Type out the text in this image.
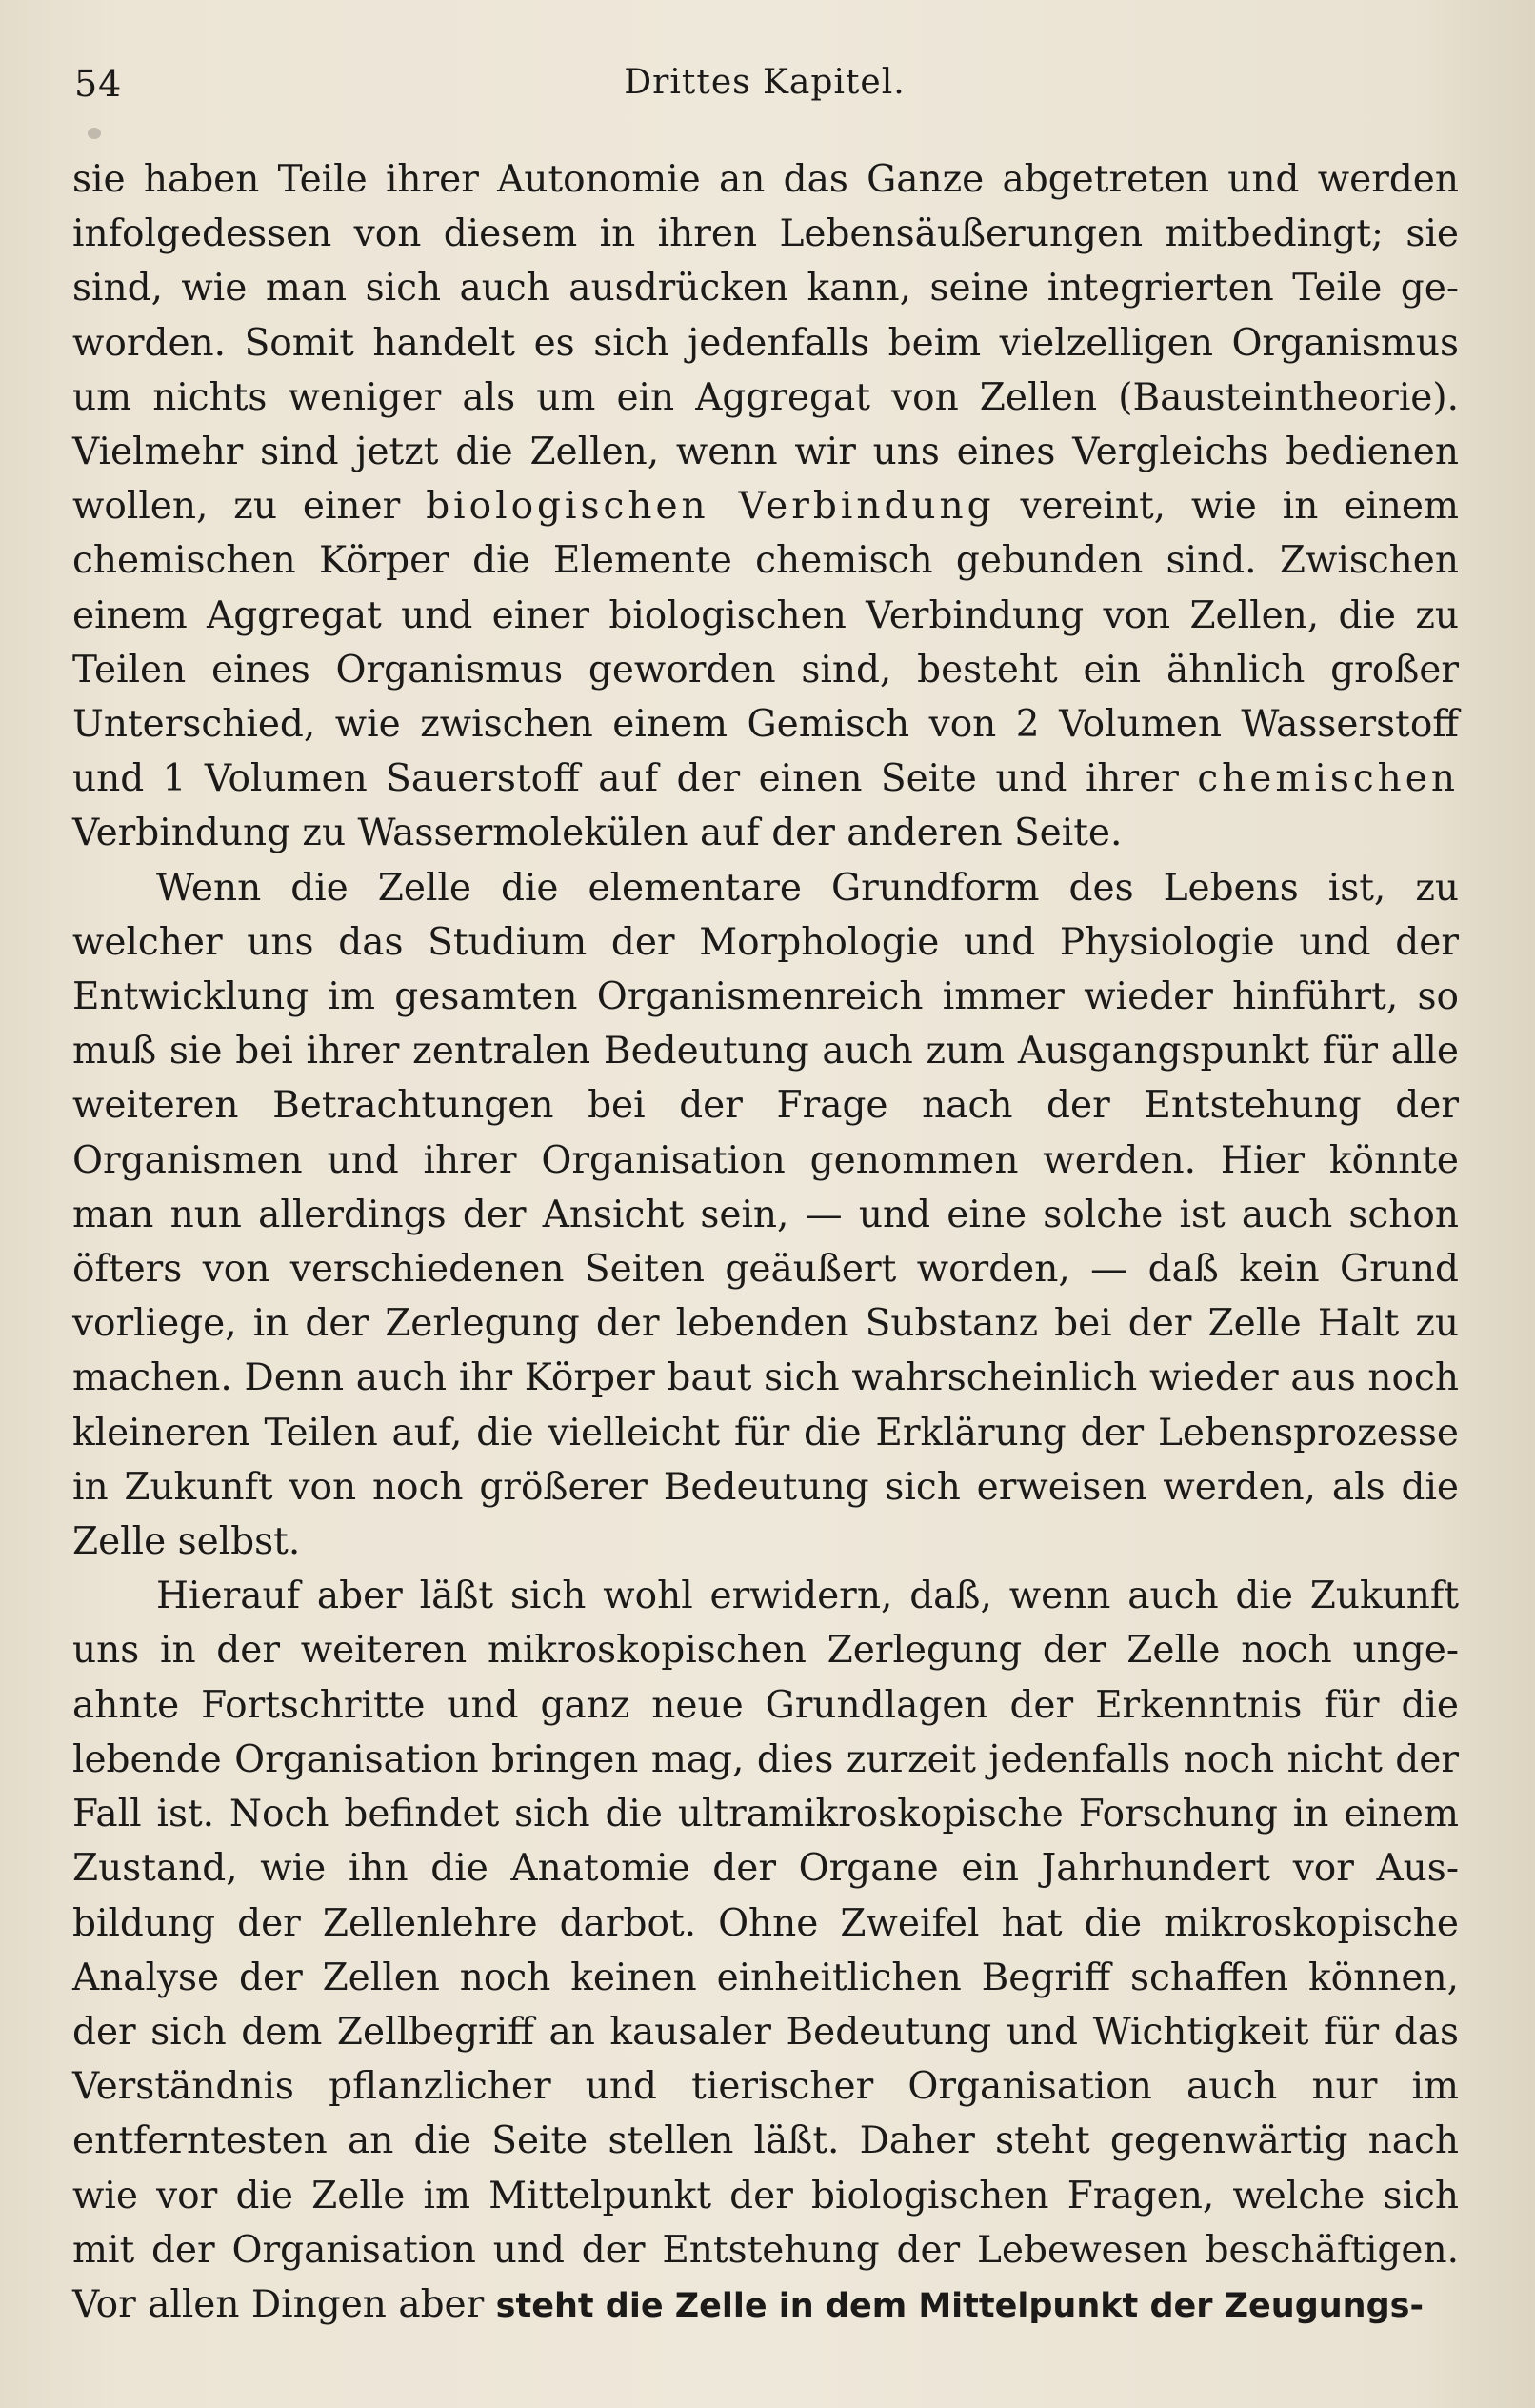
54	Drittes Kapitel.

sie haben Teile ihrer Autonomie an das Ganze abgetreten und werden infolgedessen von diesem in ihren Lebensäußerungen mitbedingt; sie sind, wie man sich auch ausdrücken kann, seine integrierten Teile geworden. Somit handelt es sich jedenfalls beim vielzelligen Organismus um nichts weniger als um ein Aggregat von Zellen (Bausteintheorie). Vielmehr sind jetzt die Zellen, wenn wir uns eines Vergleichs bedienen wollen, zu einer biologischen Verbindung vereint, wie in einem chemischen Körper die Elemente chemisch gebunden sind. Zwischen einem Aggregat und einer biologischen Verbindung von Zellen, die zu Teilen eines Organismus geworden sind, besteht ein ähnlich großer Unterschied, wie zwischen einem Gemisch von 2 Volumen Wasserstoff und 1 Volumen Sauerstoff auf der einen Seite und ihrer chemischen Verbindung zu Wassermolekülen auf der anderen Seite.

Wenn die Zelle die elementare Grundform des Lebens ist, zu welcher uns das Studium der Morphologie und Physiologie und der Entwicklung im gesamten Organismenreich immer wieder hinführt, so muß sie bei ihrer zentralen Bedeutung auch zum Ausgangspunkt für alle weiteren Betrachtungen bei der Frage nach der Entstehung der Organismen und ihrer Organisation genommen werden. Hier könnte man nun allerdings der Ansicht sein, — und eine solche ist auch schon öfters von verschiedenen Seiten geäußert worden, — daß kein Grund vorliege, in der Zerlegung der lebenden Substanz bei der Zelle Halt zu machen. Denn auch ihr Körper baut sich wahrscheinlich wieder aus noch kleineren Teilen auf, die vielleicht für die Erklärung der Lebensprozesse in Zukunft von noch größerer Bedeutung sich erweisen werden, als die Zelle selbst.

Hierauf aber läßt sich wohl erwidern, daß, wenn auch die Zukunft uns in der weiteren mikroskopischen Zerlegung der Zelle noch ungeahnte Fortschritte und ganz neue Grundlagen der Erkenntnis für die lebende Organisation bringen mag, dies zurzeit jedenfalls noch nicht der Fall ist. Noch befindet sich die ultramikroskopische Forschung in einem Zustand, wie ihn die Anatomie der Organe ein Jahrhundert vor Ausbildung der Zellenlehre darbot. Ohne Zweifel hat die mikroskopische Analyse der Zellen noch keinen einheitlichen Begriff schaffen können, der sich dem Zellbegriff an kausaler Bedeutung und Wichtigkeit für das Verständnis pflanzlicher und tierischer Organisation auch nur im entferntesten an die Seite stellen läßt. Daher steht gegenwärtig nach wie vor die Zelle im Mittelpunkt der biologischen Fragen, welche sich mit der Organisation und der Entstehung der Lebewesen beschäftigen. Vor allen Dingen aber steht die Zelle in dem Mittelpunkt der Zeugungs-
